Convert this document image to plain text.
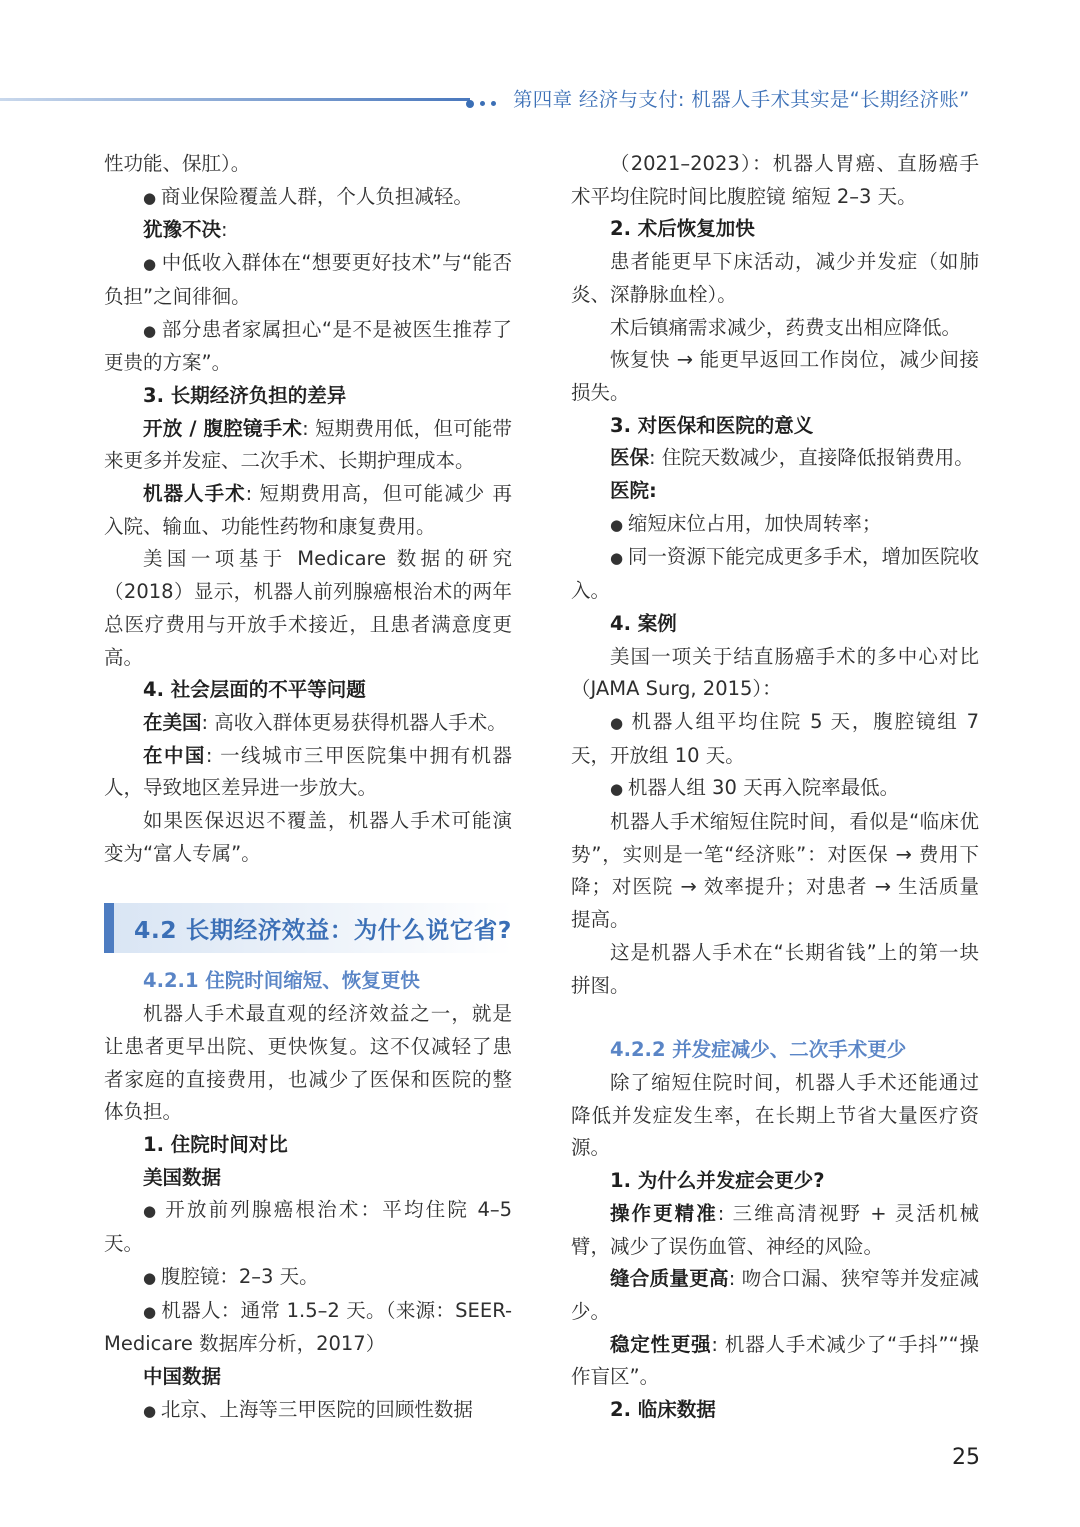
第四章 经济与支付: 机器人手术其实是“长期经济账”

性功能、保肛）。

● 商业保险覆盖人群，个人负担减轻。

犹豫不决:

● 中低收入群体在“想要更好技术”与“能否负担”之间徘徊。

● 部分患者家属担心“是不是被医生推荐了更贵的方案”。

3. 长期经济负担的差异

开放 / 腹腔镜手术: 短期费用低，但可能带来更多并发症、二次手术、长期护理成本。

机器人手术: 短期费用高，但可能减少 再入院、输血、功能性药物和康复费用。

美国一项基于 Medicare 数据的研究（2018）显示，机器人前列腺癌根治术的两年总医疗费用与开放手术接近，且患者满意度更高。

4. 社会层面的不平等问题

在美国: 高收入群体更易获得机器人手术。

在中国: 一线城市三甲医院集中拥有机器人，导致地区差异进一步放大。

如果医保迟迟不覆盖，机器人手术可能演变为“富人专属”。

4.2 长期经济效益：为什么说它省?

4.2.1 住院时间缩短、恢复更快

机器人手术最直观的经济效益之一，就是让患者更早出院、更快恢复。这不仅减轻了患者家庭的直接费用，也减少了医保和医院的整体负担。

1. 住院时间对比

美国数据

● 开放前列腺癌根治术：平均住院 4–5 天。

● 腹腔镜：2–3 天。

● 机器人：通常 1.5–2 天。（来源：SEER-Medicare 数据库分析，2017）

中国数据

● 北京、上海等三甲医院的回顾性数据

（2021–2023）：机器人胃癌、直肠癌手术平均住院时间比腹腔镜 缩短 2–3 天。

2. 术后恢复加快

患者能更早下床活动，减少并发症（如肺炎、深静脉血栓）。

术后镇痛需求减少，药费支出相应降低。

恢复快 → 能更早返回工作岗位，减少间接损失。

3. 对医保和医院的意义

医保: 住院天数减少，直接降低报销费用。

医院:

● 缩短床位占用，加快周转率；

● 同一资源下能完成更多手术，增加医院收入。

4. 案例

美国一项关于结直肠癌手术的多中心对比（JAMA Surg, 2015）：

● 机器人组平均住院 5 天，腹腔镜组 7 天，开放组 10 天。

● 机器人组 30 天再入院率最低。

机器人手术缩短住院时间，看似是“临床优势”，实则是一笔“经济账”：对医保 → 费用下降；对医院 → 效率提升；对患者 → 生活质量提高。

这是机器人手术在“长期省钱”上的第一块拼图。

4.2.2 并发症减少、二次手术更少

除了缩短住院时间，机器人手术还能通过 降低并发症发生率，在长期上节省大量医疗资源。

1. 为什么并发症会更少?

操作更精准: 三维高清视野 + 灵活机械臂，减少了误伤血管、神经的风险。

缝合质量更高: 吻合口漏、狭窄等并发症减少。

稳定性更强: 机器人手术减少了“手抖”“操作盲区”。

2. 临床数据

25
